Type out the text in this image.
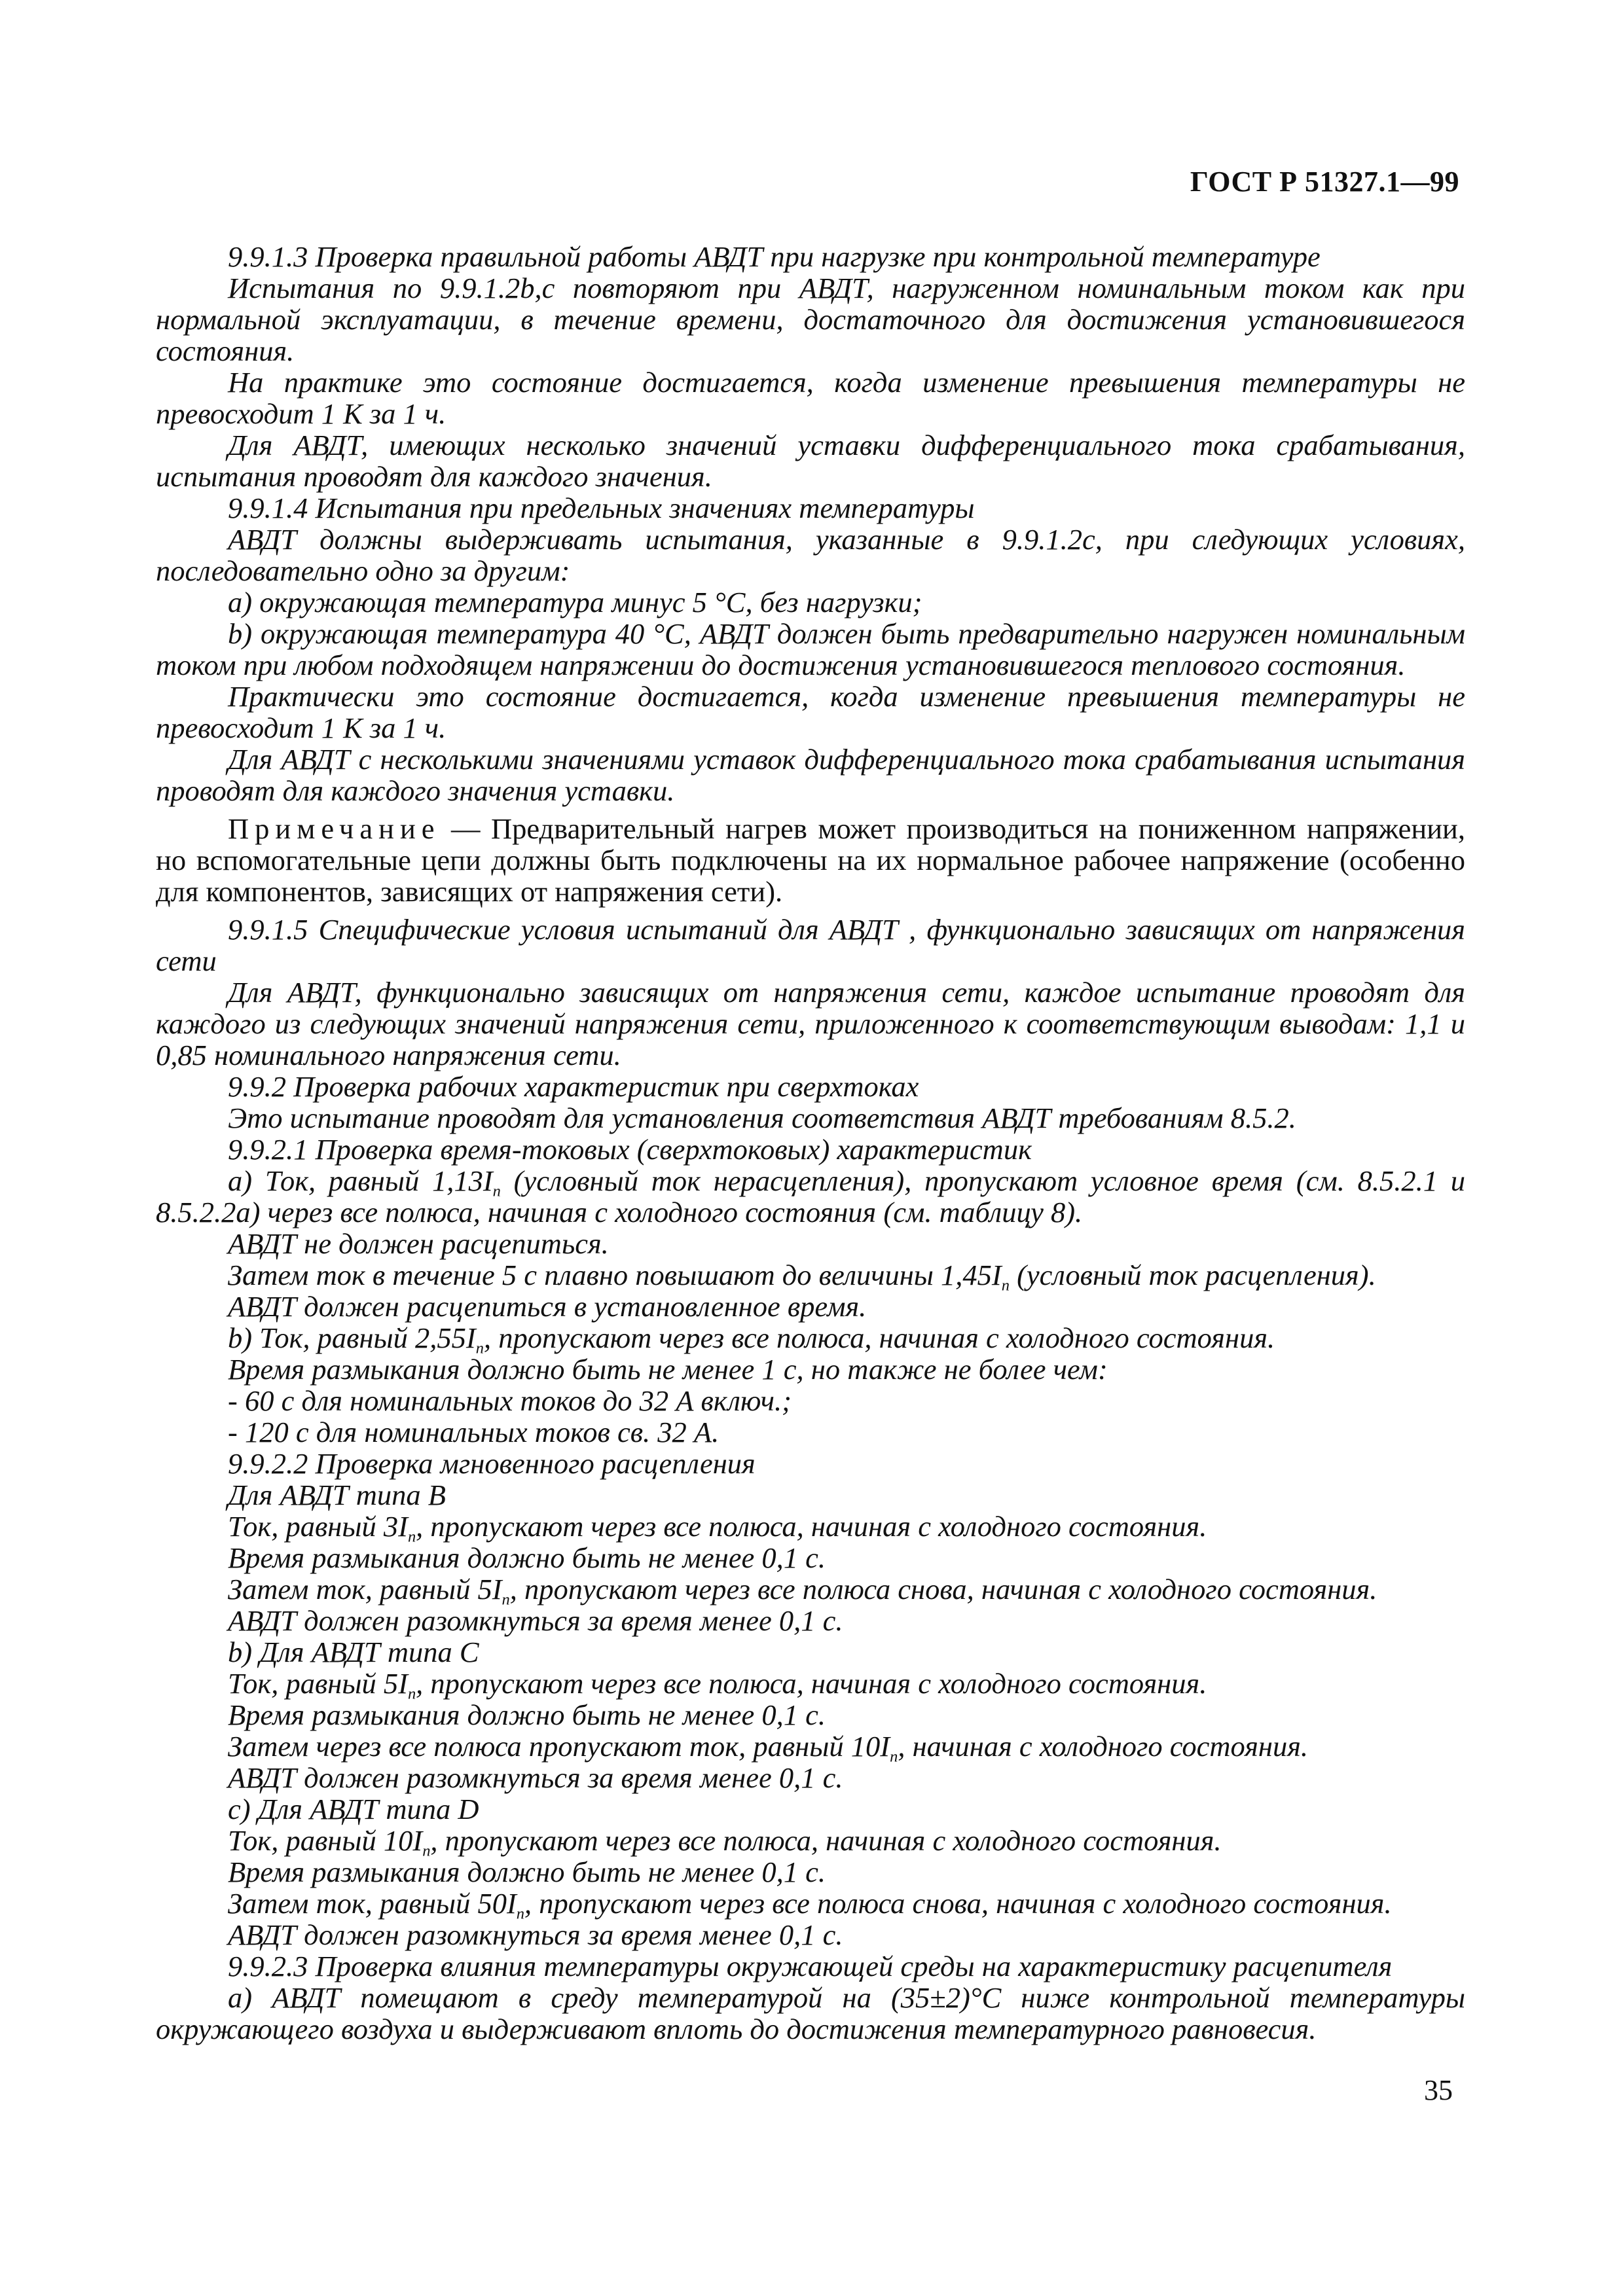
ГОСТ Р 51327.1—99

9.9.1.3 Проверка правильной работы АВДТ при нагрузке при контрольной температуре

Испытания по 9.9.1.2b,c повторяют при АВДТ, нагруженном номинальным током как при нормальной эксплуатации, в течение времени, достаточного для достижения установившегося состояния.

На практике это состояние достигается, когда изменение превышения температуры не превосходит 1 К за 1 ч.

Для АВДТ, имеющих несколько значений уставки дифференциального тока срабатывания, испытания проводят для каждого значения.

9.9.1.4 Испытания при предельных значениях температуры

АВДТ должны выдерживать испытания, указанные в 9.9.1.2с, при следующих условиях, последовательно одно за другим:

а) окружающая температура минус 5 °С, без нагрузки;

b) окружающая температура 40 °С, АВДТ должен быть предварительно нагружен номинальным током при любом подходящем напряжении до достижения установившегося теплового состояния.

Практически это состояние достигается, когда изменение превышения температуры не превосходит 1 К за 1 ч.

Для АВДТ с несколькими значениями уставок дифференциального тока срабатывания испытания проводят для каждого значения уставки.

Примечание — Предварительный нагрев может производиться на пониженном напряжении, но вспомогательные цепи должны быть подключены на их нормальное рабочее напряжение (особенно для компонентов, зависящих от напряжения сети).

9.9.1.5 Специфические условия испытаний для АВДТ , функционально зависящих от напряжения сети

Для АВДТ, функционально зависящих от напряжения сети, каждое испытание проводят для каждого из следующих значений напряжения сети, приложенного к соответствующим выводам: 1,1 и 0,85 номинального напряжения сети.

9.9.2 Проверка рабочих характеристик при сверхтоках

Это испытание проводят для установления соответствия АВДТ требованиям 8.5.2.

9.9.2.1 Проверка время-токовых (сверхтоковых) характеристик

а) Ток, равный $1,13I_n$ (условный ток нерасцепления), пропускают условное время (см. 8.5.2.1 и 8.5.2.2а) через все полюса, начиная с холодного состояния (см. таблицу 8).

АВДТ не должен расцепиться.

Затем ток в течение 5 с плавно повышают до величины $1,45I_n$ (условный ток расцепления).

АВДТ должен расцепиться в установленное время.

b) Ток, равный $2,55I_n$, пропускают через все полюса, начиная с холодного состояния.

Время размыкания должно быть не менее 1 с, но также не более чем:

- 60 с для номинальных токов до 32 А включ.;

- 120 с для номинальных токов св. 32 А.

9.9.2.2 Проверка мгновенного расцепления

Для АВДТ типа В

Ток, равный $3I_n$, пропускают через все полюса, начиная с холодного состояния.

Время размыкания должно быть не менее 0,1 с.

Затем ток, равный $5I_n$, пропускают через все полюса снова, начиная с холодного состояния.

АВДТ должен разомкнуться за время менее 0,1 с.

b) Для АВДТ типа С

Ток, равный $5I_n$, пропускают через все полюса, начиная с холодного состояния.

Время размыкания должно быть не менее 0,1 с.

Затем через все полюса пропускают ток, равный $10I_n$, начиная с холодного состояния.

АВДТ должен разомкнуться за время менее 0,1 с.

с) Для АВДТ типа D

Ток, равный $10I_n$, пропускают через все полюса, начиная с холодного состояния.

Время размыкания должно быть не менее 0,1 с.

Затем ток, равный $50I_n$, пропускают через все полюса снова, начиная с холодного состояния.

АВДТ должен разомкнуться за время менее 0,1 с.

9.9.2.3 Проверка влияния температуры окружающей среды на характеристику расцепителя

а) АВДТ помещают в среду температурой на (35±2)°С ниже контрольной температуры окружающего воздуха и выдерживают вплоть до достижения температурного равновесия.

35
